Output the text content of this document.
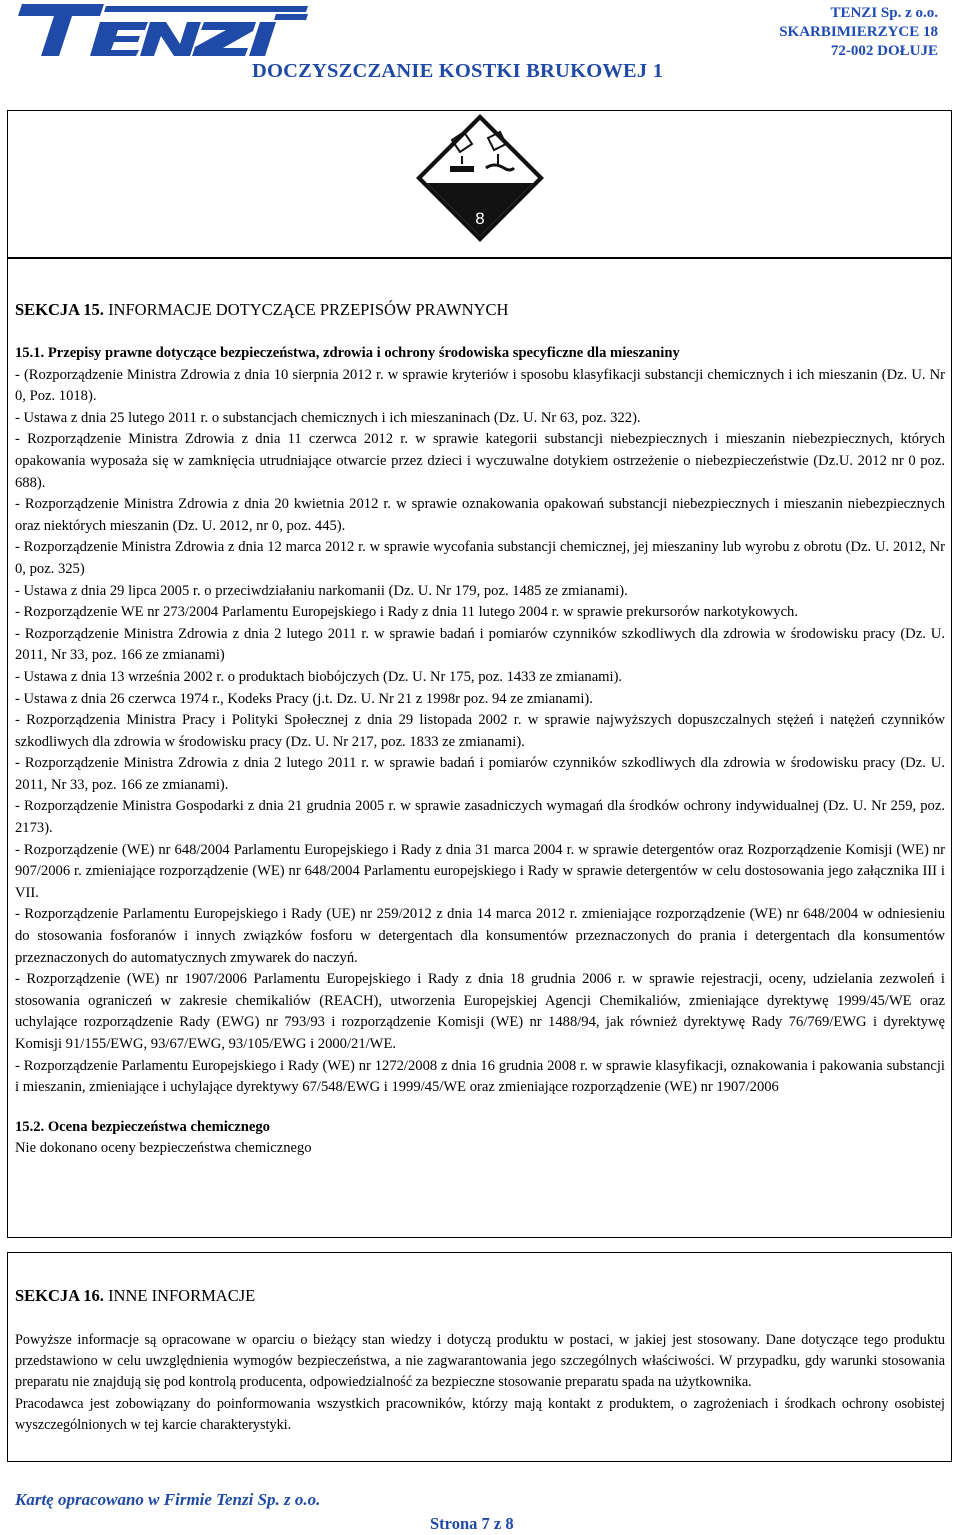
TENZI Sp. z o.o.
SKARBIMIERZYCE 18
72-002 DOŁUJE
DOCZYSZCZANIE KOSTKI BRUKOWEJ 1
8
SEKCJA 15. INFORMACJE DOTYCZĄCE PRZEPISÓW PRAWNYCH

15.1. Przepisy prawne dotyczące bezpieczeństwa, zdrowia i ochrony środowiska specyficzne dla mieszaniny

- (Rozporządzenie Ministra Zdrowia z dnia 10 sierpnia 2012 r. w sprawie kryteriów i sposobu klasyfikacji substancji chemicznych i ich mieszanin (Dz. U. Nr 0, Poz. 1018).

- Ustawa z dnia 25 lutego 2011 r. o substancjach chemicznych i ich mieszaninach (Dz. U. Nr 63, poz. 322).

- Rozporządzenie Ministra Zdrowia z dnia 11 czerwca 2012 r. w sprawie kategorii substancji niebezpiecznych i mieszanin niebezpiecznych, których opakowania wyposaża się w zamknięcia utrudniające otwarcie przez dzieci i wyczuwalne dotykiem ostrzeżenie o niebezpieczeństwie (Dz.U. 2012 nr 0 poz. 688).

- Rozporządzenie Ministra Zdrowia z dnia 20 kwietnia 2012 r. w sprawie oznakowania opakowań substancji niebezpiecznych i mieszanin niebezpiecznych oraz niektórych mieszanin (Dz. U. 2012, nr 0, poz. 445).

- Rozporządzenie Ministra Zdrowia z dnia 12 marca 2012 r. w sprawie wycofania substancji chemicznej, jej mieszaniny lub wyrobu z obrotu (Dz. U. 2012, Nr 0, poz. 325)

- Ustawa z dnia 29 lipca 2005 r. o przeciwdziałaniu narkomanii (Dz. U. Nr 179, poz. 1485 ze zmianami).

- Rozporządzenie WE nr 273/2004 Parlamentu Europejskiego i Rady z dnia 11 lutego 2004 r. w sprawie prekursorów narkotykowych.

- Rozporządzenie Ministra Zdrowia z dnia 2 lutego 2011 r. w sprawie badań i pomiarów czynników szkodliwych dla zdrowia w środowisku pracy (Dz. U. 2011, Nr 33, poz. 166 ze zmianami)

- Ustawa z dnia 13 września 2002 r. o produktach biobójczych (Dz. U. Nr 175, poz. 1433 ze zmianami).

- Ustawa z dnia 26 czerwca 1974 r., Kodeks Pracy (j.t. Dz. U. Nr 21 z 1998r poz. 94 ze zmianami).

- Rozporządzenia Ministra Pracy i Polityki Społecznej z dnia 29 listopada 2002 r. w sprawie najwyższych dopuszczalnych stężeń i natężeń czynników szkodliwych dla zdrowia w środowisku pracy (Dz. U. Nr 217, poz. 1833 ze zmianami).

- Rozporządzenie Ministra Zdrowia z dnia 2 lutego 2011 r. w sprawie badań i pomiarów czynników szkodliwych dla zdrowia w środowisku pracy (Dz. U. 2011, Nr 33, poz. 166 ze zmianami).

- Rozporządzenie Ministra Gospodarki z dnia 21 grudnia 2005 r. w sprawie zasadniczych wymagań dla środków ochrony indywidualnej (Dz. U. Nr 259, poz. 2173).

- Rozporządzenie (WE) nr 648/2004 Parlamentu Europejskiego i Rady z dnia 31 marca 2004 r. w sprawie detergentów oraz Rozporządzenie Komisji (WE) nr 907/2006 r. zmieniające rozporządzenie (WE) nr 648/2004 Parlamentu europejskiego i Rady w sprawie detergentów w celu dostosowania jego załącznika III i VII.

- Rozporządzenie Parlamentu Europejskiego i Rady (UE) nr 259/2012 z dnia 14 marca 2012 r. zmieniające rozporządzenie (WE) nr 648/2004 w odniesieniu do stosowania fosforanów i innych związków fosforu w detergentach dla konsumentów przeznaczonych do prania i detergentach dla konsumentów przeznaczonych do automatycznych zmywarek do naczyń.

- Rozporządzenie (WE) nr 1907/2006 Parlamentu Europejskiego i Rady z dnia 18 grudnia 2006 r. w sprawie rejestracji, oceny, udzielania zezwoleń i stosowania ograniczeń w zakresie chemikaliów (REACH), utworzenia Europejskiej Agencji Chemikaliów, zmieniające dyrektywę 1999/45/WE oraz uchylające rozporządzenie Rady (EWG) nr 793/93 i rozporządzenie Komisji (WE) nr 1488/94, jak również dyrektywę Rady 76/769/EWG i dyrektywę Komisji 91/155/EWG, 93/67/EWG, 93/105/EWG i 2000/21/WE.

- Rozporządzenie Parlamentu Europejskiego i Rady (WE) nr 1272/2008 z dnia 16 grudnia 2008 r. w sprawie klasyfikacji, oznakowania i pakowania substancji i mieszanin, zmieniające i uchylające dyrektywy 67/548/EWG i 1999/45/WE oraz zmieniające rozporządzenie (WE) nr 1907/2006

15.2. Ocena bezpieczeństwa chemicznego

Nie dokonano oceny bezpieczeństwa chemicznego

SEKCJA 16. INNE INFORMACJE

Powyższe informacje są opracowane w oparciu o bieżący stan wiedzy i dotyczą produktu w postaci, w jakiej jest stosowany. Dane dotyczące tego produktu przedstawiono w celu uwzględnienia wymogów bezpieczeństwa, a nie zagwarantowania jego szczególnych właściwości. W przypadku, gdy warunki stosowania preparatu nie znajdują się pod kontrolą producenta, odpowiedzialność za bezpieczne stosowanie preparatu spada na użytkownika.

Pracodawca jest zobowiązany do poinformowania wszystkich pracowników, którzy mają kontakt z produktem, o zagrożeniach i środkach ochrony osobistej wyszczególnionych w tej karcie charakterystyki.

Kartę opracowano w Firmie Tenzi Sp. z o.o.
Strona 7 z 8
